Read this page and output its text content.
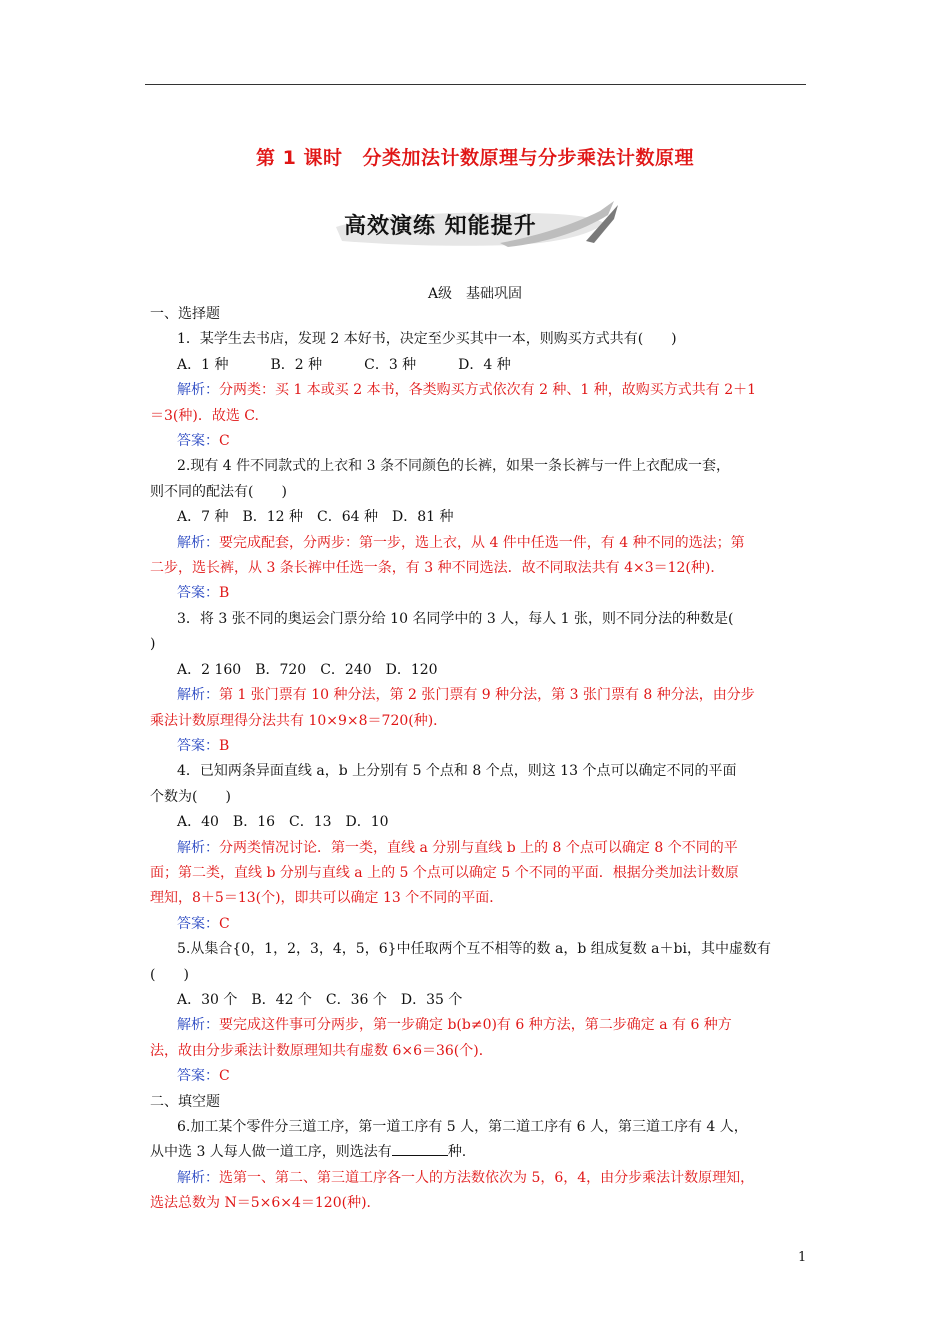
第 1 课时 分类加法计数原理与分步乘法计数原理
高效演练 知能提升
A级　基础巩固

一、选择题

1．某学生去书店，发现 2 本好书，决定至少买其中一本，则购买方式共有(　　)

A．1 种　　　B．2 种　　　C．3 种　　　D．4 种

解析：分两类：买 1 本或买 2 本书，各类购买方式依次有 2 种、1 种，故购买方式共有 2＋1

＝3(种)．故选 C.

答案：C

2.现有 4 件不同款式的上衣和 3 条不同颜色的长裤，如果一条长裤与一件上衣配成一套，

则不同的配法有(　　)

A．7 种　B．12 种　C．64 种　D．81 种

解析：要完成配套，分两步：第一步，选上衣，从 4 件中任选一件，有 4 种不同的选法；第

二步，选长裤，从 3 条长裤中任选一条，有 3 种不同选法．故不同取法共有 4×3＝12(种)．

答案：B

3．将 3 张不同的奥运会门票分给 10 名同学中的 3 人，每人 1 张，则不同分法的种数是(

)

A．2 160　B．720　C．240　D．120

解析：第 1 张门票有 10 种分法，第 2 张门票有 9 种分法，第 3 张门票有 8 种分法，由分步

乘法计数原理得分法共有 10×9×8＝720(种)．

答案：B

4．已知两条异面直线 a，b 上分别有 5 个点和 8 个点，则这 13 个点可以确定不同的平面

个数为(　　)

A．40　B．16　C．13　D．10

解析：分两类情况讨论．第一类，直线 a 分别与直线 b 上的 8 个点可以确定 8 个不同的平

面；第二类，直线 b 分别与直线 a 上的 5 个点可以确定 5 个不同的平面．根据分类加法计数原

理知，8＋5＝13(个)，即共可以确定 13 个不同的平面．

答案：C

5.从集合{0，1，2，3，4，5，6}中任取两个互不相等的数 a，b 组成复数 a＋bi，其中虚数有

(　　)

A．30 个　B．42 个　C．36 个　D．35 个

解析：要完成这件事可分两步，第一步确定 b(b≠0)有 6 种方法，第二步确定 a 有 6 种方

法，故由分步乘法计数原理知共有虚数 6×6＝36(个)．

答案：C

二、填空题

6.加工某个零件分三道工序，第一道工序有 5 人，第二道工序有 6 人，第三道工序有 4 人，

从中选 3 人每人做一道工序，则选法有	种.

解析：选第一、第二、第三道工序各一人的方法数依次为 5，6，4，由分步乘法计数原理知，

选法总数为 N＝5×6×4＝120(种)．

1
